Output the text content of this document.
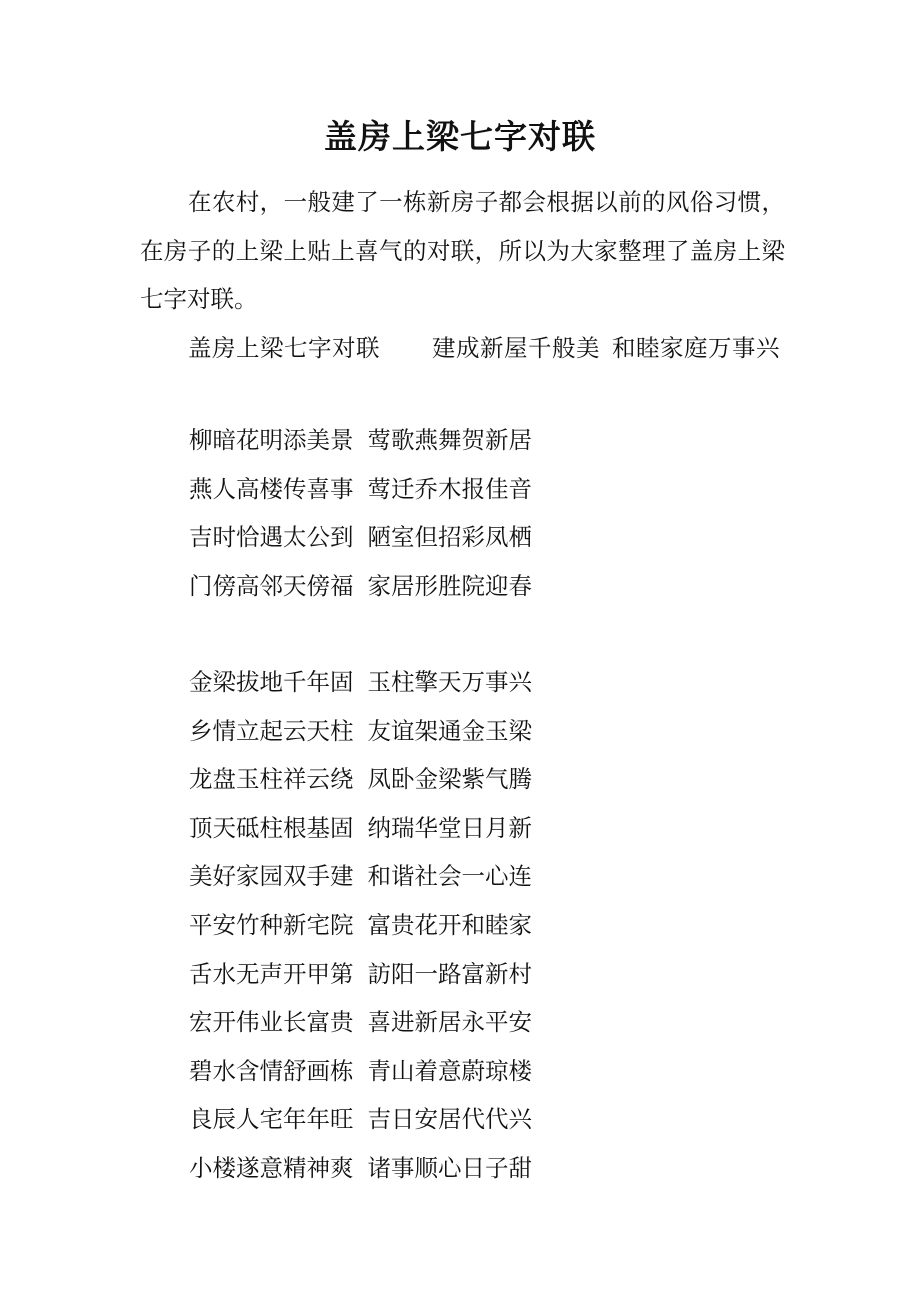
盖房上梁七字对联

在农村，一般建了一栋新房子都会根据以前的风俗习惯，在房子的上梁上贴上喜气的对联，所以为大家整理了盖房上梁七字对联。

盖房上梁七字对联 建成新屋千般美 和睦家庭万事兴

柳暗花明添美景 莺歌燕舞贺新居
燕人高楼传喜事 莺迁乔木报佳音
吉时恰遇太公到 陋室但招彩凤栖
门傍高邻天傍福 家居形胜院迎春
金梁拔地千年固 玉柱擎天万事兴
乡情立起云天柱 友谊架通金玉梁
龙盘玉柱祥云绕 凤卧金梁紫气腾
顶天砥柱根基固 纳瑞华堂日月新
美好家园双手建 和谐社会一心连
平安竹种新宅院 富贵花开和睦家
舌水无声开甲第 訪阳一路富新村
宏开伟业长富贵 喜进新居永平安
碧水含情舒画栋 青山着意蔚琼楼
良辰人宅年年旺 吉日安居代代兴
小楼遂意精神爽 诸事顺心日子甜
